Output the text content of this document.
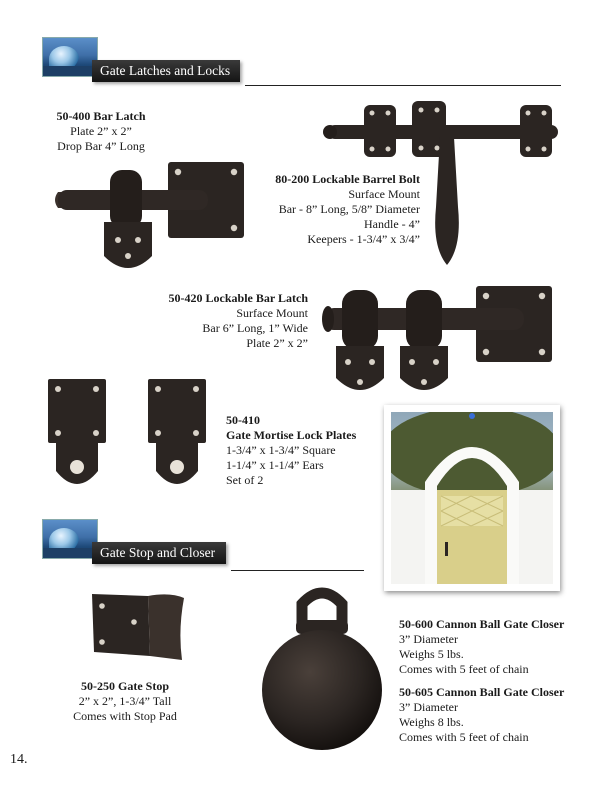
Gate Latches and Locks
50-400 Bar Latch
Plate 2” x 2”
Drop Bar 4” Long
80-200 Lockable Barrel Bolt
Surface Mount
Bar - 8” Long, 5/8” Diameter
Handle - 4”
Keepers - 1-3/4” x 3/4”
50-420 Lockable Bar Latch
Surface Mount
Bar 6” Long, 1” Wide
Plate 2” x 2”
50-410
Gate Mortise Lock Plates
1-3/4” x 1-3/4” Square
1-1/4” x 1-1/4” Ears
Set of 2
Gate Stop and Closer
50-250 Gate Stop
2” x 2”, 1-3/4” Tall
Comes with Stop Pad
50-600 Cannon Ball Gate Closer
3” Diameter
Weighs 5 lbs.
Comes with 5 feet of chain
50-605 Cannon Ball Gate Closer
3” Diameter
Weighs 8 lbs.
Comes with 5 feet of chain
14.
